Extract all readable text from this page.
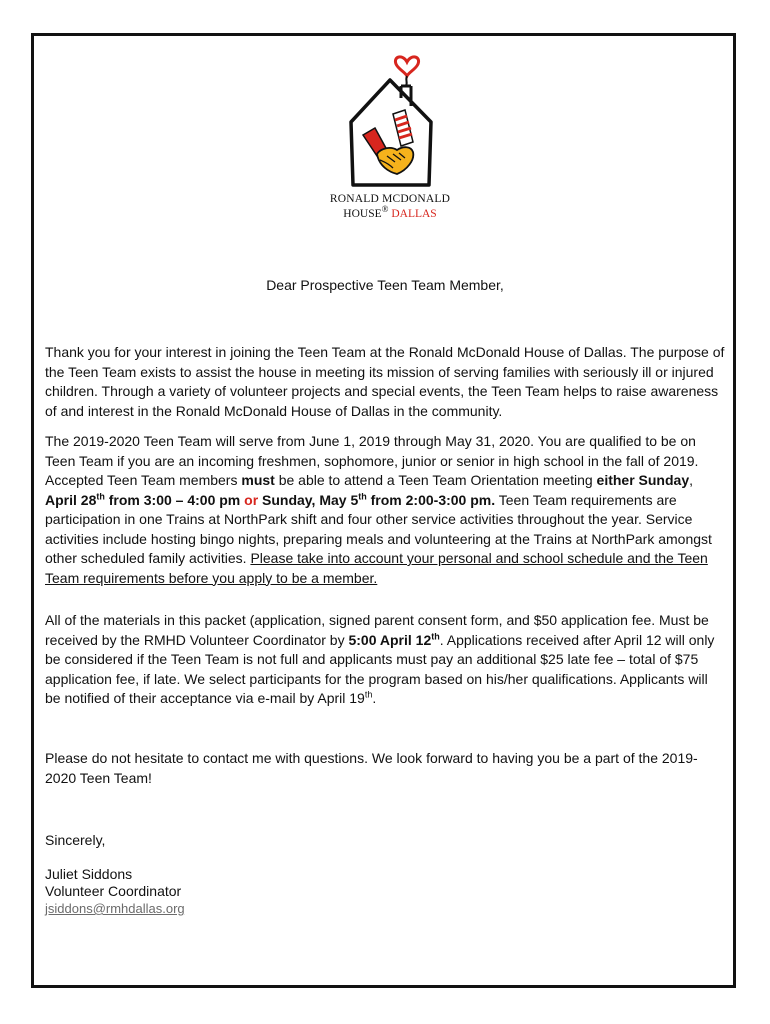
RONALD MCDONALD
HOUSE® DALLAS
Dear Prospective Teen Team Member,
Thank you for your interest in joining the Teen Team at the Ronald McDonald House of Dallas. The purpose of the Teen Team exists to assist the house in meeting its mission of serving families with seriously ill or injured children. Through a variety of volunteer projects and special events, the Teen Team helps to raise awareness of and interest in the Ronald McDonald House of Dallas in the community.
The 2019-2020 Teen Team will serve from June 1, 2019 through May 31, 2020. You are qualified to be on Teen Team if you are an incoming freshmen, sophomore, junior or senior in high school in the fall of 2019. Accepted Teen Team members must be able to attend a Teen Team Orientation meeting either Sunday, April 28th from 3:00 – 4:00 pm or Sunday, May 5th from 2:00-3:00 pm. Teen Team requirements are participation in one Trains at NorthPark shift and four other service activities throughout the year. Service activities include hosting bingo nights, preparing meals and volunteering at the Trains at NorthPark amongst other scheduled family activities. Please take into account your personal and school schedule and the Teen Team requirements before you apply to be a member.
All of the materials in this packet (application, signed parent consent form, and $50 application fee. Must be received by the RMHD Volunteer Coordinator by 5:00 April 12th. Applications received after April 12 will only be considered if the Teen Team is not full and applicants must pay an additional $25 late fee – total of $75 application fee, if late. We select participants for the program based on his/her qualifications. Applicants will be notified of their acceptance via e-mail by April 19th.
Please do not hesitate to contact me with questions. We look forward to having you be a part of the 2019-2020 Teen Team!
Sincerely,
Juliet Siddons
Volunteer Coordinator
jsiddons@rmhdallas.org
